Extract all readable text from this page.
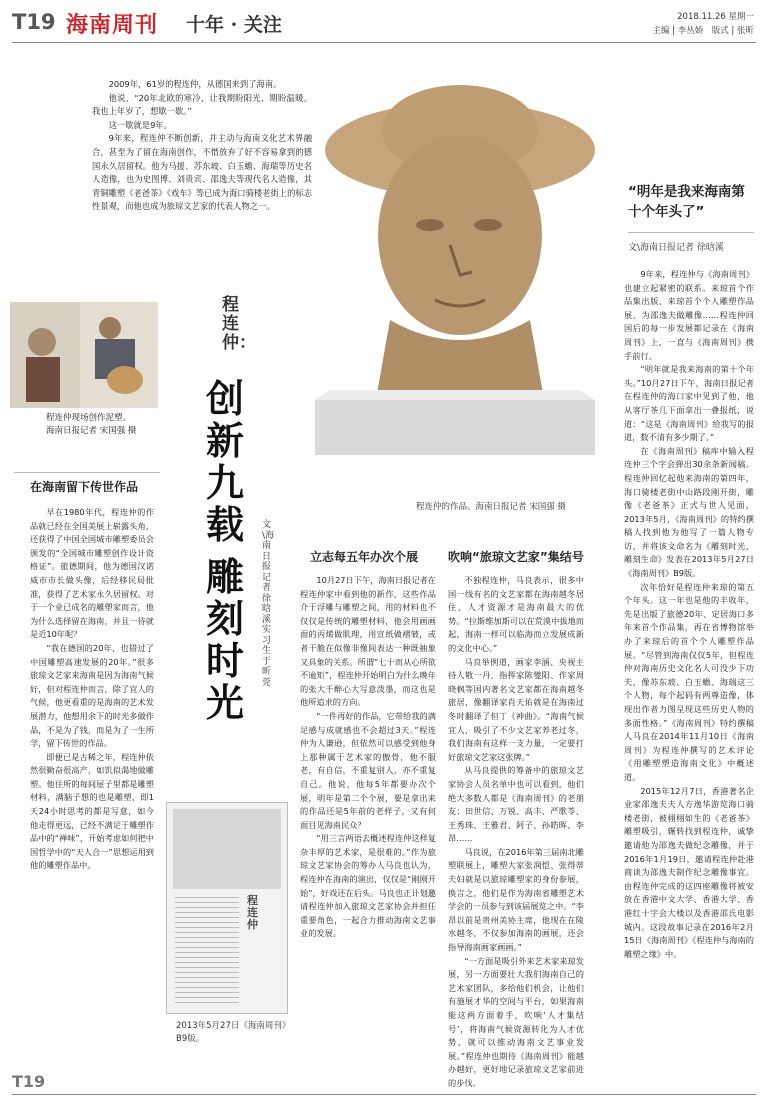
T19 海南周刊 十年 · 关注	2018.11.26 星期一
主编 | 李丛娇　版式 | 张昕

2009年，61岁的程连仲，从德国来到了海南。

他说，“20年北欧的寒冷，让我期盼阳光、期盼温暖。我也上年岁了，想歇一歇。”

这一歇就是9年。

9年来，程连仲不断创新，并主动与海南文化艺术界融合，甚至为了留在海南创作，不惜放弃了好不容易拿到的德国永久居留权。他为马援、苏东坡、白玉蟾、海瑞等历史名人造像，也为史图博、刘贵宾、邵逸夫等现代名人造像，其青铜雕塑《老爸茶》《戏车》等已成为海口骑楼老街上的标志性景观，而他也成为旅琼文艺家的代表人物之一。

程连仲的作品。海南日报记者 宋国强 摄
程连仲现场创作泥塑。
海南日报记者 宋国强 摄
程连仲：
创新九载
雕刻时光
文\海南日报记者 徐晗溪　实习生 于昕莞
在海南留下传世作品

早在1980年代，程连仲的作品就已经在全国美展上崭露头角，还获得了中国全国城市雕塑委员会颁发的“全国城市雕塑创作设计资格证”。旅德期间，他为德国汉诺威市市长做头像，后经移民局批准，获得了艺术家永久居留权。对于一个业已成名的雕塑家而言，他为什么选择留在海南，并且一待就是近10年呢？

“我在德国的20年，也错过了中国雕塑高速发展的20年。”很多旅琼文艺家来海南是因为海南气候好，但对程连仲而言，除了宜人的气候，他更看重的是海南的艺术发展潜力，他想用余下的时光多做作品，不是为了钱，而是为了一生所学，留下传世的作品。

即便已是古稀之年，程连仲依然很勤奋很高产，如饥似渴地做雕塑。他住所的每间屋子里都是雕塑材料，满脑子想的也是雕塑，即1天24小时思考的都是写意，如今他走得更远，已经不满足于雕塑作品中的“禅味”，开始考虑如何把中国哲学中的“天人合一”思想运用到他的雕塑作品中。

立志每五年办次个展

10月27日下午，海南日报记者在程连仲家中看到他的新作，这些作品介于浮雕与雕塑之间，用的材料也不仅仅是传统的雕塑材料，他会用画画面的丙烯做肌理，用宣纸做褶皱，或者干脆在似像非像间表达一种既抽象又具象的关系。所谓“七十而从心所欲不逾矩”，程连仲开始明白为什么晚年的张大千醉心大写意泼墨，而这也是他所追求的方向。

“一件再好的作品，它带给我的满足感与成就感也不会超过3天。”程连仲为人谦逊，但依然可以感受到他身上那种属于艺术家的傲骨，他不服老，有自信，不重复别人，亦不重复自己。他说，他每5年都要办次个展，明年是第二个个展，要是拿出来的作品还是5年前的老样子，又有何面目见海南民众？

“用三言两语去概述程连仲这样复杂丰厚的艺术家，是很难的。”作为旅琼文艺家协会的筹办人马良也认为，程连仲在海南的演出，仅仅是“刚刚开始”，好戏还在后头。马良也正计划邀请程连仲加入旅琼文艺家协会并担任重要角色，一起合力推动海南文艺事业的发展。

程连仲
2013年5月27日《海南周刊》B9版。
吹响“旅琼文艺家”集结号

不独程连仲，马良表示，很多中国一线有名的文艺家都在海南越冬居住，人才资源才是海南最大的优势。“拉斯维加斯可以在荒漠中拔地而起，海南一样可以临海而立发展成新的文化中心。”

马良举例道，画家李涵、央视主持人敬一丹、指挥家陈燮阳、作家周晓枫等国内著名文艺家都在海南越冬旅居，像翻译家肖天佑就是在海南过冬时翻译了但丁《神曲》。“海南气候宜人，吸引了不少文艺家养老过冬，我们海南有这样一支力量，一定要打好旅琼文艺家这张牌。”

从马良提供的筹备中的旅琼文艺家协会人员名单中也可以看到，他们绝大多数人都是《海南周刊》的老朋友：田世信、万锐、高丰、严歌苓、王秀珠、王雅君、阿子、孙皓晖、李昂……

马良说，在2016年第三届南北雕塑联展上，雕塑大家张润恺、张得蒂夫妇就是以旅琼雕塑家的身份参展，换言之，他们是作为海南省雕塑艺术学会的一员参与到该届展览之中。“李昂以前是贵州美协主席，他现在在陵水越冬，不仅参加海南的画展，还会指导海南画家画画。”

“一方面是吸引外来艺术家来琼发展，另一方面要壮大我们海南自己的艺术家团队，多给他们机会，让他们有施展才华的空间与平台，如果海南能这两方面着手，吹响‘人才集结号’，将海南气候资源转化为人才优势，就可以推动海南文艺事业发展。”程连仲也期待《海南周刊》能越办越好，更好地记录旅琼文艺家前进的步伐。

“明年是我来海南第十个年头了”
文\海南日报记者 徐晗溪

9年来，程连仲与《海南周刊》也建立起紧密的联系。来琼首个作品集出版、来琼首个个人雕塑作品展、为邵逸夫做雕像……程连仲回国后的每一步发展都记录在《海南周刊》上，一直与《海南周刊》携手前行。

“明年就是我来海南的第十个年头。”10月27日下午，海南日报记者在程连仲的海口家中见到了他，他从客厅茶几下面拿出一叠报纸，说道：“这是《海南周刊》给我写的报道，数不清有多少期了。”

在《海南周刊》稿库中输入程连仲三个字会弹出30余条新闻稿。程连仲回忆起他来海南的第四年，海口骑楼老街中山路段刚开街，雕像《老爸茶》正式与世人见面，2013年5月，《海南周刊》的特约撰稿人找到他为他写了一篇人物专访，并将该文命名为《雕刻时光，雕刻生命》发表在2013年5月27日《海南周刊》B9版。

次年恰好是程连仲来琼的第五个年头。这一年也是他的丰收年，先是出版了旅德20年、定居海口多年来首个作品集，再在省博物馆举办了来琼后的首个个人雕塑作品展。“尽管到海南仅仅5年，但程连仲对海南历史文化名人可没少下功夫，像苏东坡、白玉蟾、海瑞这三个人物，每个起码有两尊造像，体现出作者力图呈现这些历史人物的多面性格。”《海南周刊》特约撰稿人马良在2014年11月10日《海南周刊》为程连仲撰写的艺术评论《用雕塑塑造海南文化》中概述道。

2015年12月7日，香港著名企业家邵逸夫夫人方逸华游览海口骑楼老街，被栩栩如生的《老爸茶》雕塑吸引，辗转找到程连仲，诚挚邀请他为邵逸夫做纪念雕像，并于2016年1月19日，邀请程连仲赴港商谈为邵逸夫制作纪念雕像事宜。由程连仲完成的这四座雕像将被安放在香港中文大学、香港大学、香港红十字会大楼以及香港邵氏电影城内。这段故事记录在2016年2月15日《海南周刊》《程连仲与海南的雕塑之缘》中。

T19
